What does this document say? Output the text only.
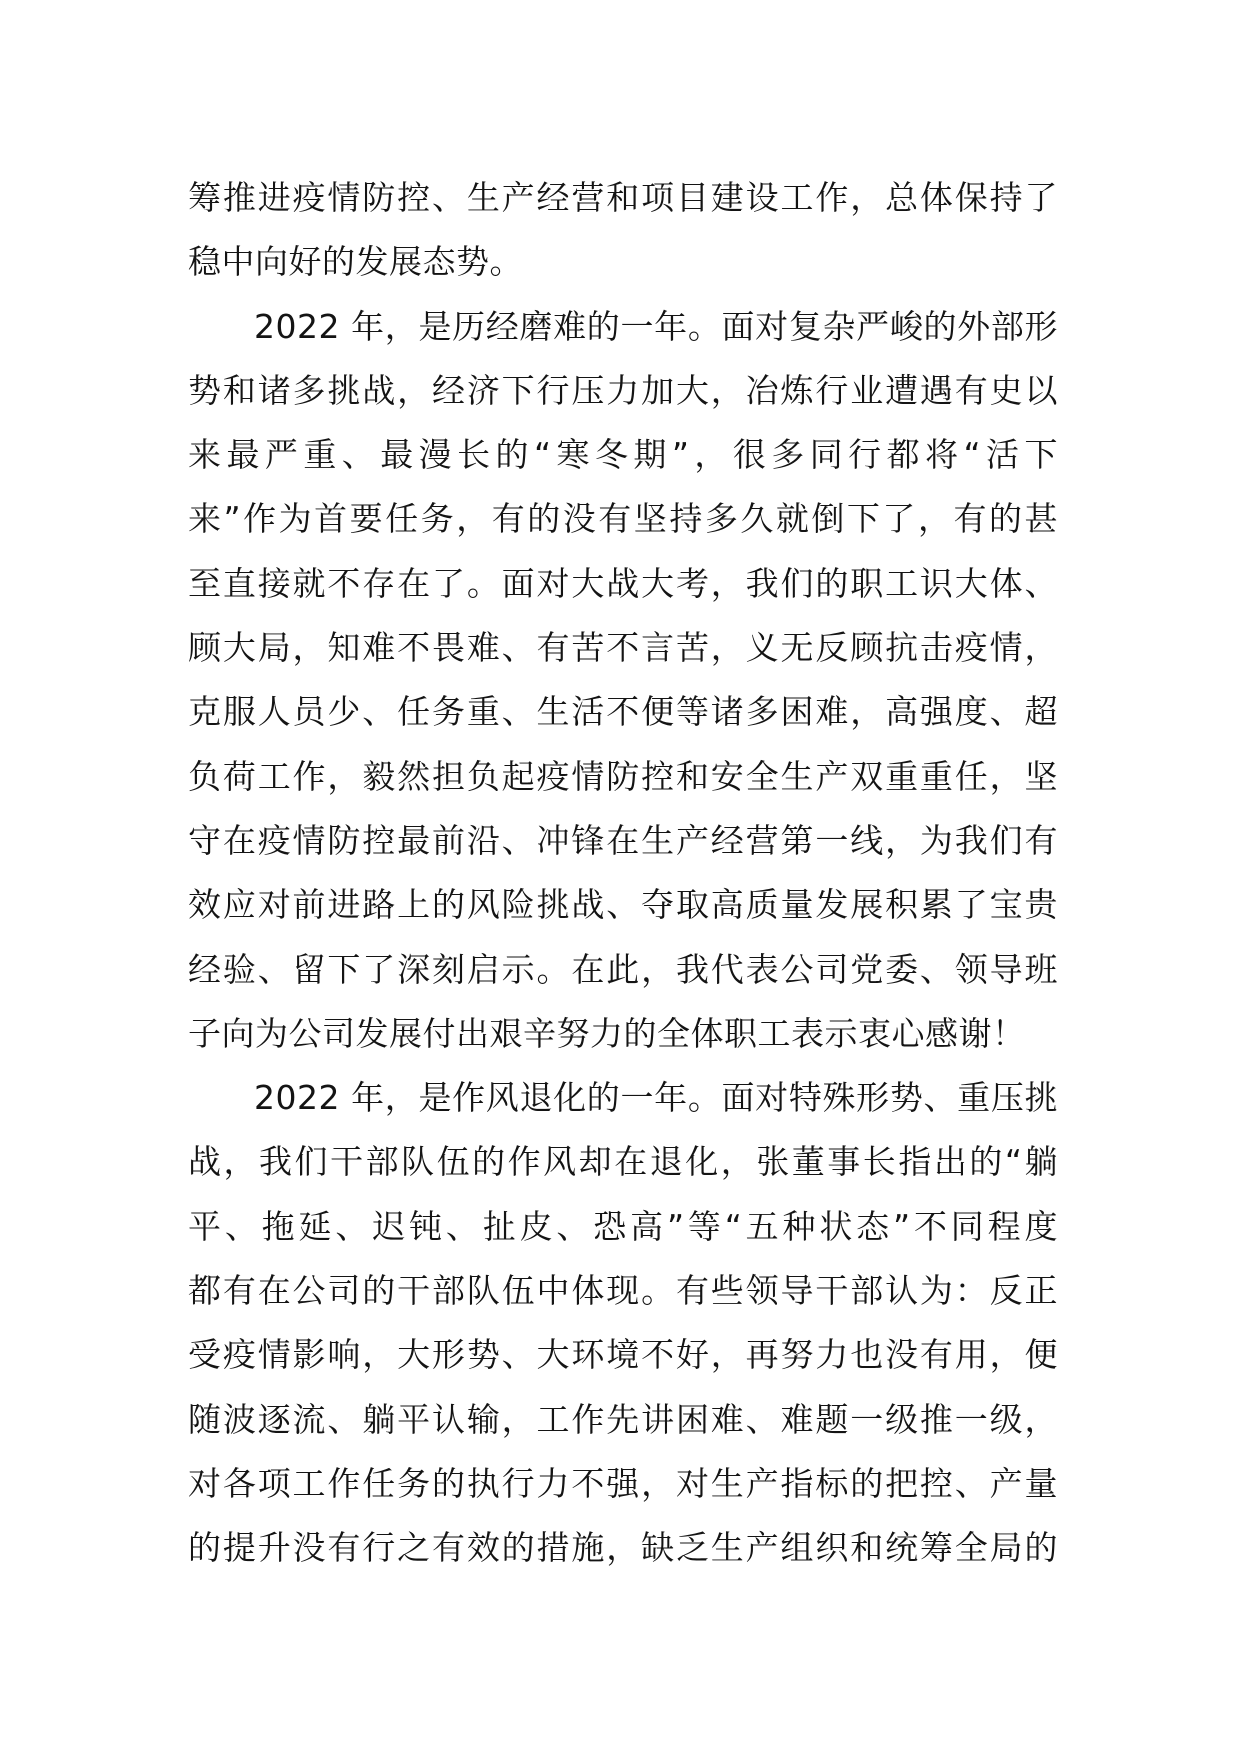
筹推进疫情防控、生产经营和项目建设工作，总体保持了
稳中向好的发展态势。
2022 年，是历经磨难的一年。面对复杂严峻的外部形
势和诸多挑战，经济下行压力加大，冶炼行业遭遇有史以
来最严重、最漫长的“寒冬期”，很多同行都将“活下
来”作为首要任务，有的没有坚持多久就倒下了，有的甚
至直接就不存在了。面对大战大考，我们的职工识大体、
顾大局，知难不畏难、有苦不言苦，义无反顾抗击疫情，
克服人员少、任务重、生活不便等诸多困难，高强度、超
负荷工作，毅然担负起疫情防控和安全生产双重重任，坚
守在疫情防控最前沿、冲锋在生产经营第一线，为我们有
效应对前进路上的风险挑战、夺取高质量发展积累了宝贵
经验、留下了深刻启示。在此，我代表公司党委、领导班
子向为公司发展付出艰辛努力的全体职工表示衷心感谢！
2022 年，是作风退化的一年。面对特殊形势、重压挑
战，我们干部队伍的作风却在退化，张董事长指出的“躺
平、拖延、迟钝、扯皮、恐高”等“五种状态”不同程度
都有在公司的干部队伍中体现。有些领导干部认为：反正
受疫情影响，大形势、大环境不好，再努力也没有用，便
随波逐流、躺平认输，工作先讲困难、难题一级推一级，
对各项工作任务的执行力不强，对生产指标的把控、产量
的提升没有行之有效的措施，缺乏生产组织和统筹全局的
